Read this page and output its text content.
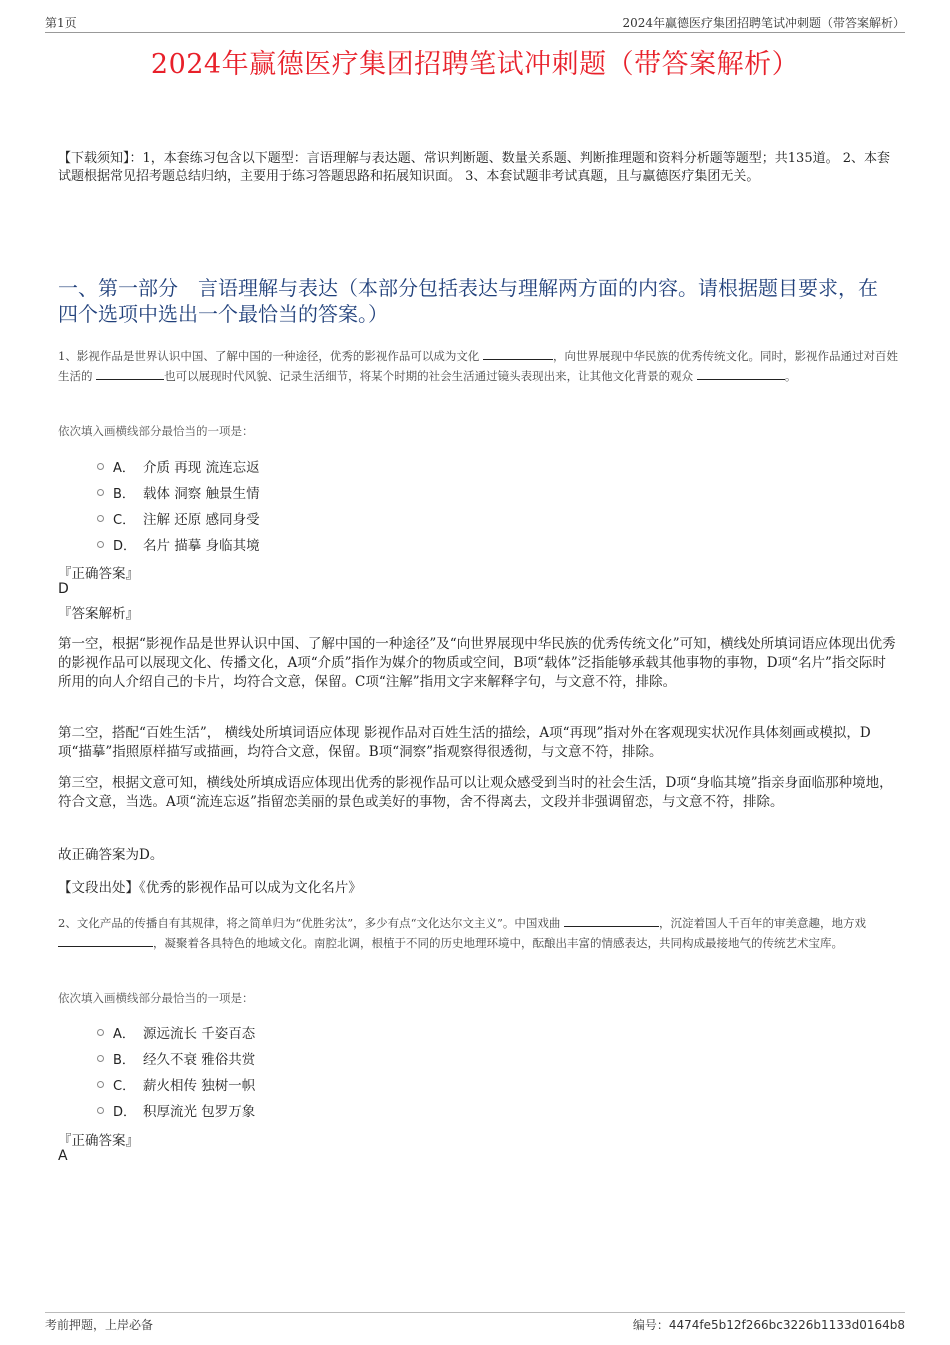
第1页	2024年赢德医疗集团招聘笔试冲刺题（带答案解析）
2024年赢德医疗集团招聘笔试冲刺题（带答案解析）
【下载须知】：1，本套练习包含以下题型：言语理解与表达题、常识判断题、数量关系题、判断推理题和资料分析题等题型；共135道。 2、本套试题根据常见招考题总结归纳，主要用于练习答题思路和拓展知识面。 3、本套试题非考试真题，且与赢德医疗集团无关。
一、第一部分　言语理解与表达（本部分包括表达与理解两方面的内容。请根据题目要求，在四个选项中选出一个最恰当的答案。）
1、影视作品是世界认识中国、了解中国的一种途径，优秀的影视作品可以成为文化	，向世界展现中华民族的优秀传统文化。同时，影视作品通过对百姓生活的	也可以展现时代风貌、记录生活细节，将某个时期的社会生活通过镜头表现出来，让其他文化背景的观众	。
依次填入画横线部分最恰当的一项是：
A． 介质 再现 流连忘返
B． 载体 洞察 触景生情
C． 注解 还原 感同身受
D． 名片 描摹 身临其境
『正确答案』
D
『答案解析』
第一空，根据“影视作品是世界认识中国、了解中国的一种途径”及“向世界展现中华民族的优秀传统文化”可知，横线处所填词语应体现出优秀的影视作品可以展现文化、传播文化，A项“介质”指作为媒介的物质或空间，B项“载体”泛指能够承载其他事物的事物，D项“名片”指交际时所用的向人介绍自己的卡片，均符合文意，保留。C项“注解”指用文字来解释字句，与文意不符，排除。
第二空，搭配“百姓生活”， 横线处所填词语应体现 影视作品对百姓生活的描绘，A项“再现”指对外在客观现实状况作具体刻画或模拟，D项“描摹”指照原样描写或描画，均符合文意，保留。B项“洞察”指观察得很透彻，与文意不符，排除。
第三空，根据文意可知，横线处所填成语应体现出优秀的影视作品可以让观众感受到当时的社会生活，D项“身临其境”指亲身面临那种境地，符合文意，当选。A项“流连忘返”指留恋美丽的景色或美好的事物，舍不得离去，文段并非强调留恋，与文意不符，排除。
故正确答案为D。
【文段出处】《优秀的影视作品可以成为文化名片》
2、文化产品的传播自有其规律，将之简单归为“优胜劣汰”，多少有点“文化达尔文主义”。中国戏曲	，沉淀着国人千百年的审美意趣，地方戏 ，凝聚着各具特色的地域文化。南腔北调，根植于不同的历史地理环境中，酝酿出丰富的情感表达，共同构成最接地气的传统艺术宝库。
依次填入画横线部分最恰当的一项是：
A． 源远流长 千姿百态
B． 经久不衰 雅俗共赏
C． 薪火相传 独树一帜
D． 积厚流光 包罗万象
『正确答案』
A
考前押题，上岸必备	编号：4474fe5b12f266bc3226b1133d0164b8
